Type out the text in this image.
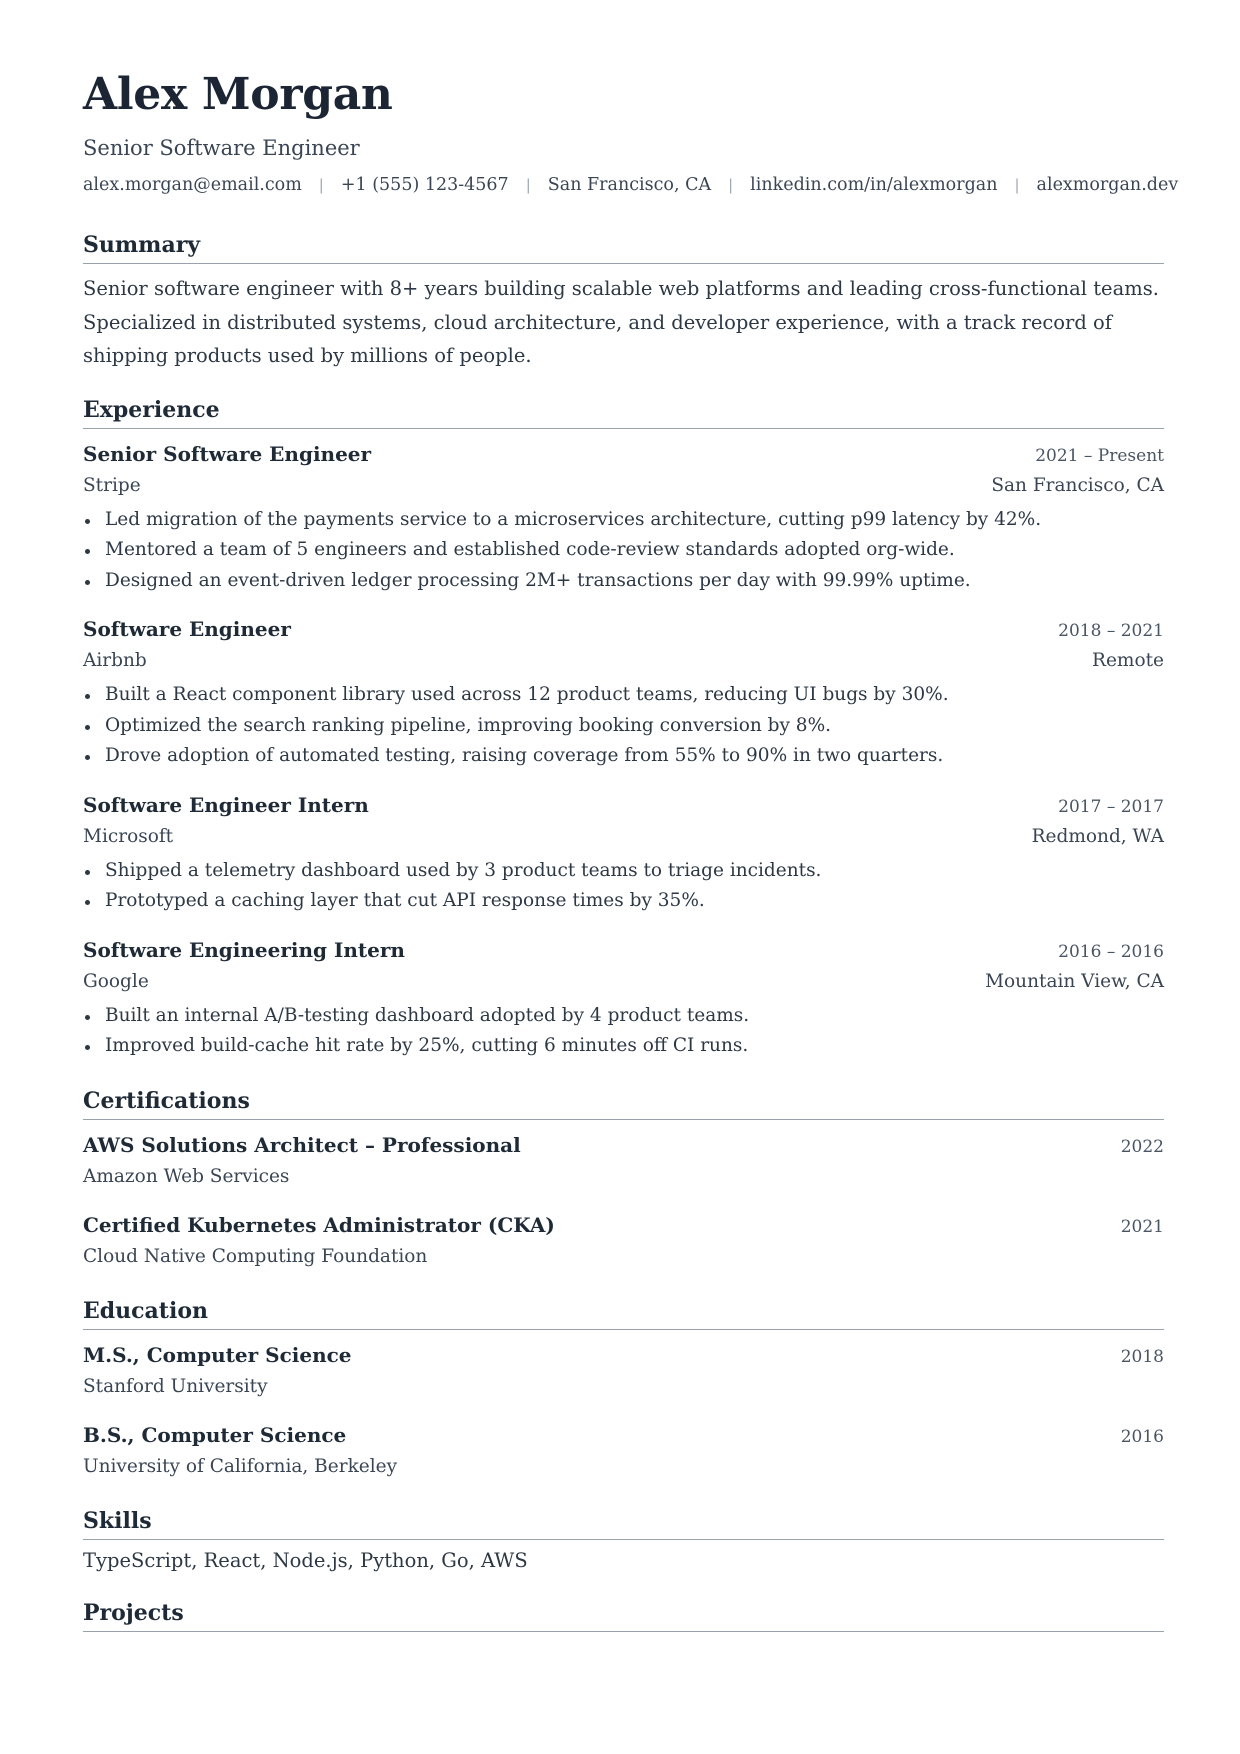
Alex Morgan
Senior Software Engineer
alex.morgan@email.com | +1 (555) 123-4567 | San Francisco, CA | linkedin.com/in/alexmorgan | alexmorgan.dev
Summary
Senior software engineer with 8+ years building scalable web platforms and leading cross-functional teams. Specialized in distributed systems, cloud architecture, and developer experience, with a track record of shipping products used by millions of people.
Experience
Senior Software Engineer	2021 – Present
Stripe	San Francisco, CA
Led migration of the payments service to a microservices architecture, cutting p99 latency by 42%.
Mentored a team of 5 engineers and established code-review standards adopted org-wide.
Designed an event-driven ledger processing 2M+ transactions per day with 99.99% uptime.
Software Engineer	2018 – 2021
Airbnb	Remote
Built a React component library used across 12 product teams, reducing UI bugs by 30%.
Optimized the search ranking pipeline, improving booking conversion by 8%.
Drove adoption of automated testing, raising coverage from 55% to 90% in two quarters.
Software Engineer Intern	2017 – 2017
Microsoft	Redmond, WA
Shipped a telemetry dashboard used by 3 product teams to triage incidents.
Prototyped a caching layer that cut API response times by 35%.
Software Engineering Intern	2016 – 2016
Google	Mountain View, CA
Built an internal A/B-testing dashboard adopted by 4 product teams.
Improved build-cache hit rate by 25%, cutting 6 minutes off CI runs.
Certifications
AWS Solutions Architect – Professional	2022
Amazon Web Services
Certified Kubernetes Administrator (CKA)	2021
Cloud Native Computing Foundation
Education
M.S., Computer Science	2018
Stanford University
B.S., Computer Science	2016
University of California, Berkeley
Skills
TypeScript, React, Node.js, Python, Go, AWS
Projects
